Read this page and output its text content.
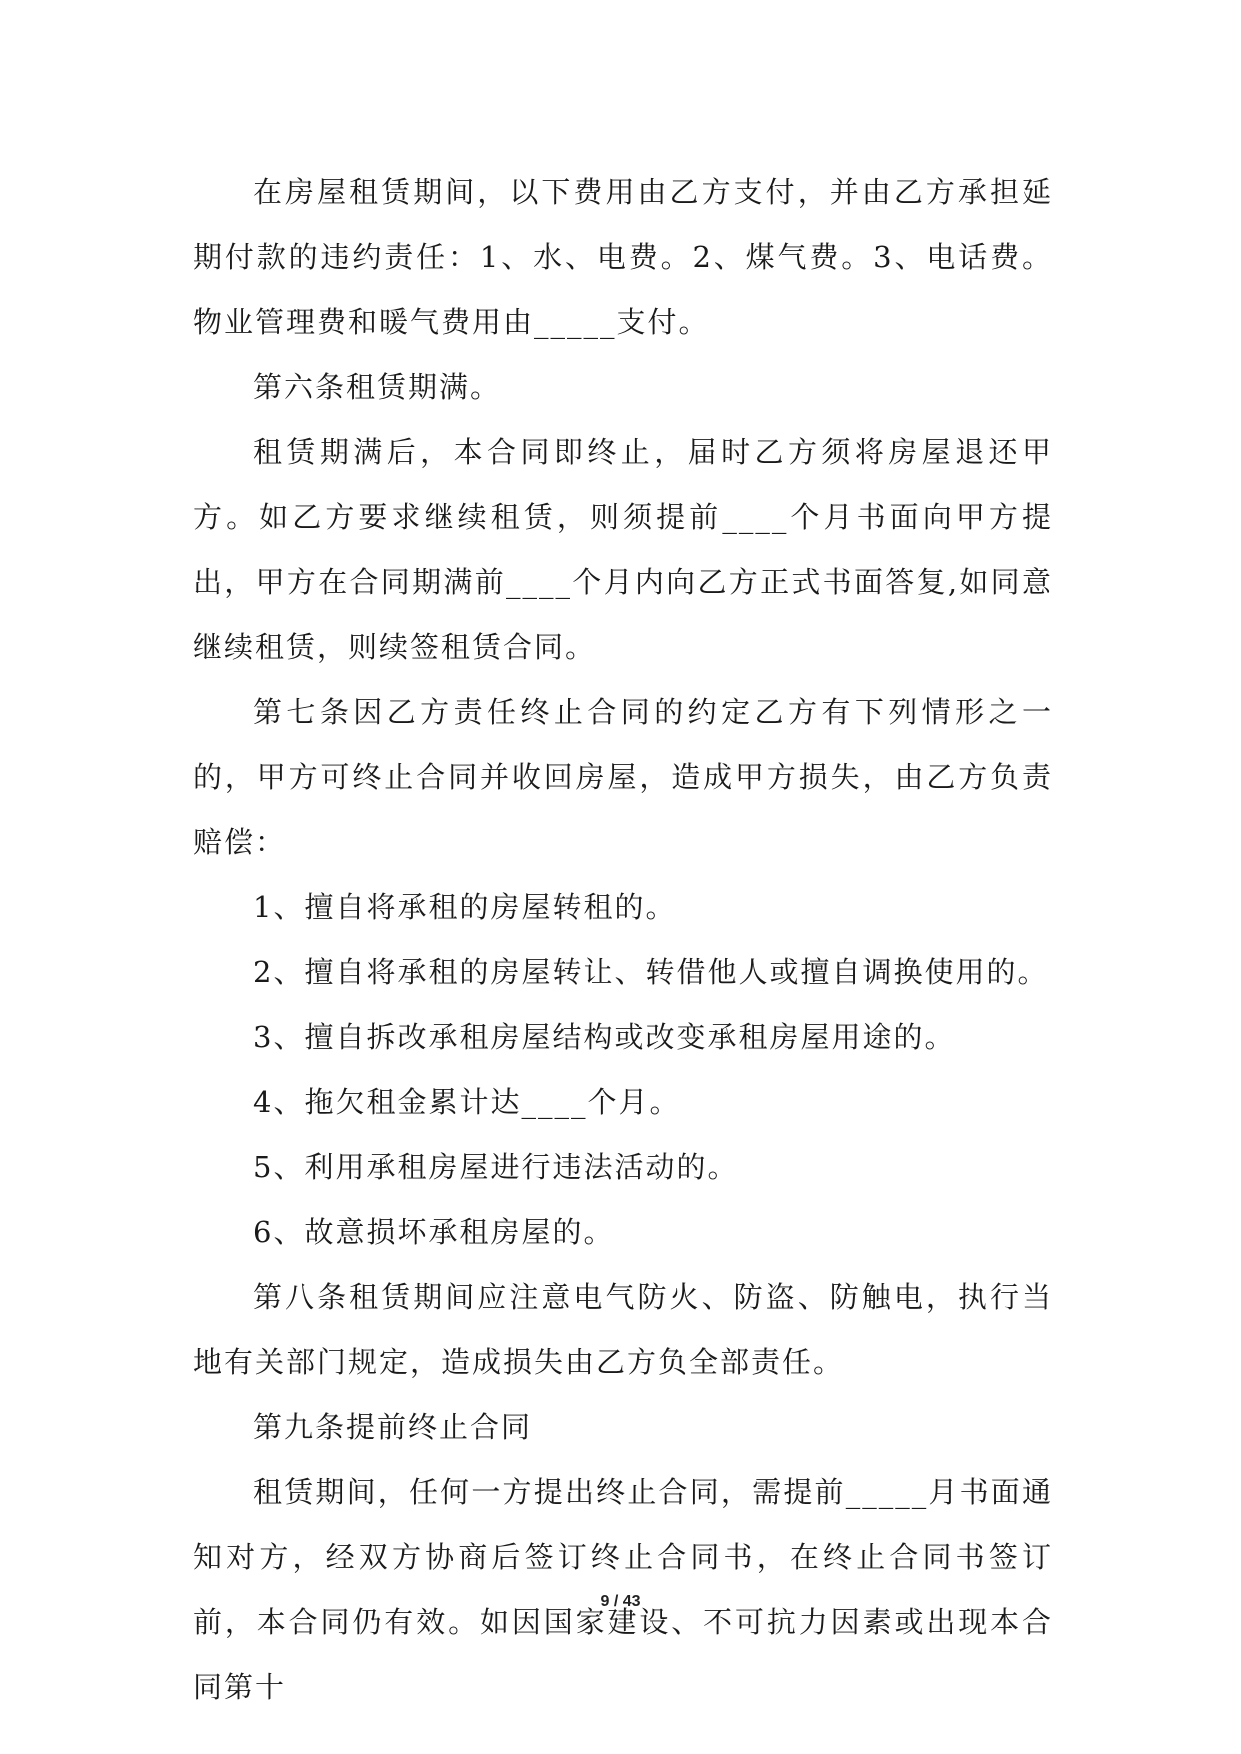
在房屋租赁期间，以下费用由乙方支付，并由乙方承担延期付款的违约责任：1、水、电费。2、煤气费。3、电话费。物业管理费和暖气费用由_____支付。

第六条租赁期满。

租赁期满后，本合同即终止，届时乙方须将房屋退还甲方。如乙方要求继续租赁，则须提前____个月书面向甲方提出，甲方在合同期满前____个月内向乙方正式书面答复,如同意继续租赁，则续签租赁合同。

第七条因乙方责任终止合同的约定乙方有下列情形之一的，甲方可终止合同并收回房屋，造成甲方损失，由乙方负责赔偿：

1、擅自将承租的房屋转租的。

2、擅自将承租的房屋转让、转借他人或擅自调换使用的。

3、擅自拆改承租房屋结构或改变承租房屋用途的。

4、拖欠租金累计达____个月。

5、利用承租房屋进行违法活动的。

6、故意损坏承租房屋的。

第八条租赁期间应注意电气防火、防盗、防触电，执行当地有关部门规定，造成损失由乙方负全部责任。

第九条提前终止合同

租赁期间，任何一方提出终止合同，需提前_____月书面通知对方，经双方协商后签订终止合同书，在终止合同书签订前，本合同仍有效。如因国家建设、不可抗力因素或出现本合同第十

9 / 43
